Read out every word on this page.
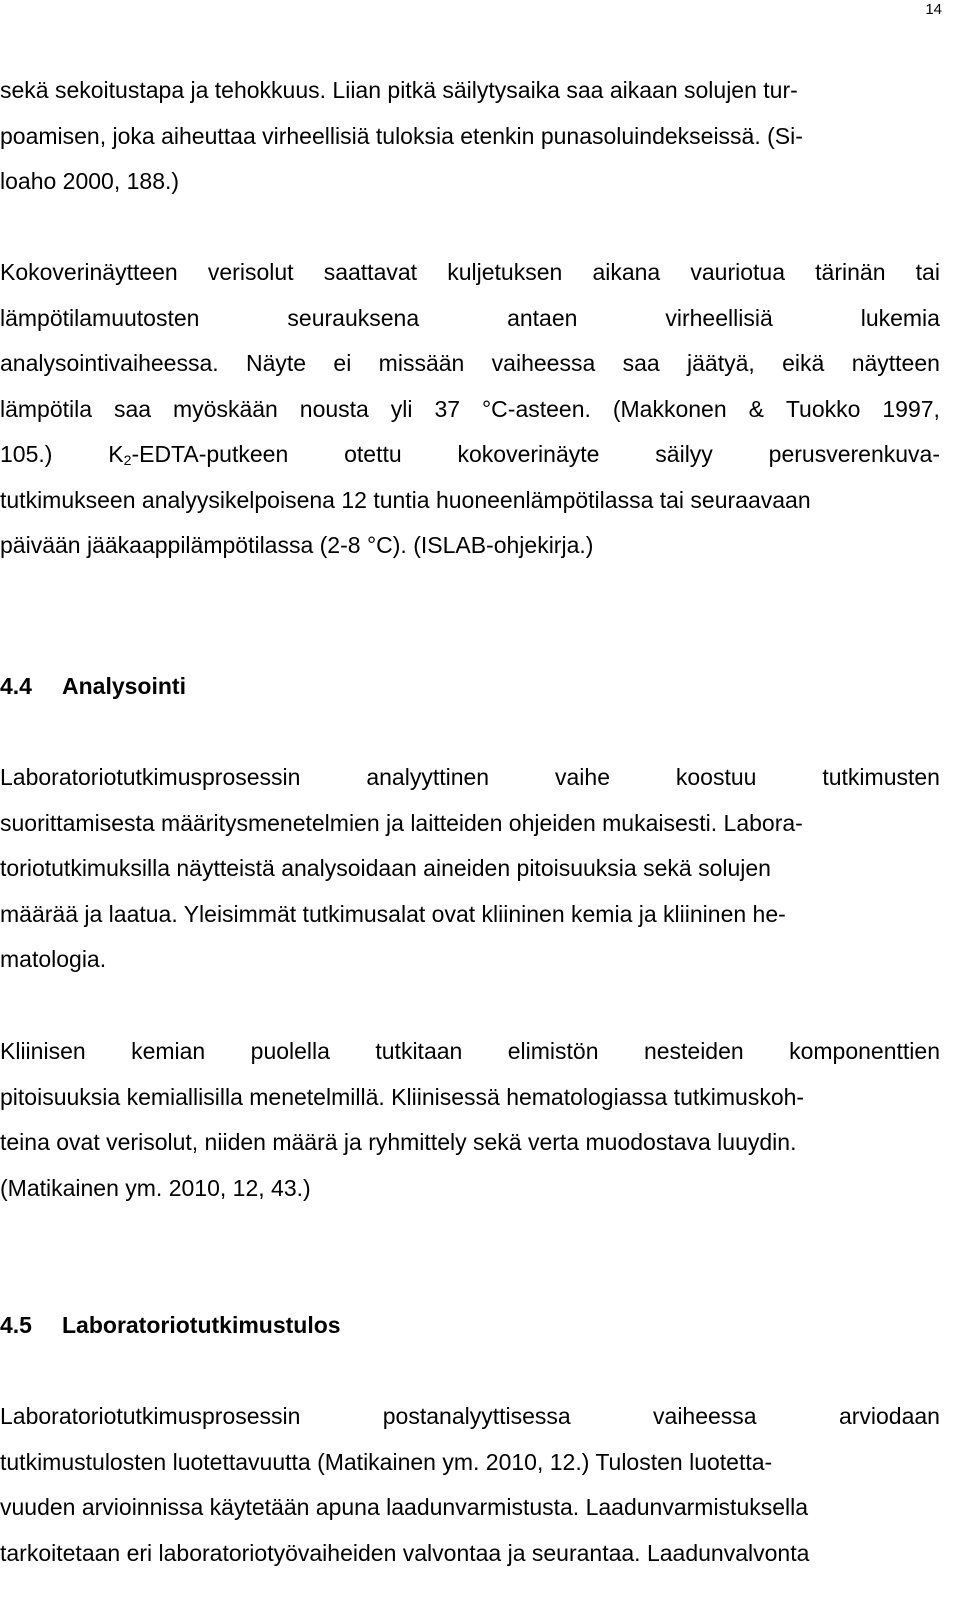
14
sekä sekoitustapa ja tehokkuus. Liian pitkä säilytysaika saa aikaan solujen tur-
poamisen, joka aiheuttaa virheellisiä tuloksia etenkin punasoluindekseissä. (Si-
loaho 2000, 188.)
Kokoverinäytteen verisolut saattavat kuljetuksen aikana vauriotua tärinän tai
lämpötilamuutosten	seurauksena	antaen	virheellisiä	lukemia
analysointivaiheessa. Näyte ei missään vaiheessa saa jäätyä, eikä näytteen
lämpötila saa myöskään nousta yli 37 °C-asteen. (Makkonen & Tuokko 1997,
105.) $K_2-EDTA$-putkeen otettu kokoverinäyte säilyy perusverenkuva-
tutkimukseen analyysikelpoisena 12 tuntia huoneenlämpötilassa tai seuraavaan
päivään jääkaappilämpötilassa (2-8 °C). (ISLAB-ohjekirja.)
4.4 Analysointi
Laboratoriotutkimusprosessin	analyyttinen	vaihe	koostuu	tutkimusten
suorittamisesta määritysmenetelmien ja laitteiden ohjeiden mukaisesti. Labora-
toriotutkimuksilla näytteistä analysoidaan aineiden pitoisuuksia sekä solujen
määrää ja laatua. Yleisimmät tutkimusalat ovat kliininen kemia ja kliininen he-
matologia.
Kliinisen kemian puolella tutkitaan elimistön nesteiden komponenttien
pitoisuuksia kemiallisilla menetelmillä. Kliinisessä hematologiassa tutkimuskoh-
teina ovat verisolut, niiden määrä ja ryhmittely sekä verta muodostava luuydin.
(Matikainen ym. 2010, 12, 43.)
4.5 Laboratoriotutkimustulos
Laboratoriotutkimusprosessin	postanalyyttisessa	vaiheessa	arviodaan
tutkimustulosten luotettavuutta (Matikainen ym. 2010, 12.) Tulosten luotetta-
vuuden arvioinnissa käytetään apuna laadunvarmistusta. Laadunvarmistuksella
tarkoitetaan eri laboratoriotyövaiheiden valvontaa ja seurantaa. Laadunvalvonta
